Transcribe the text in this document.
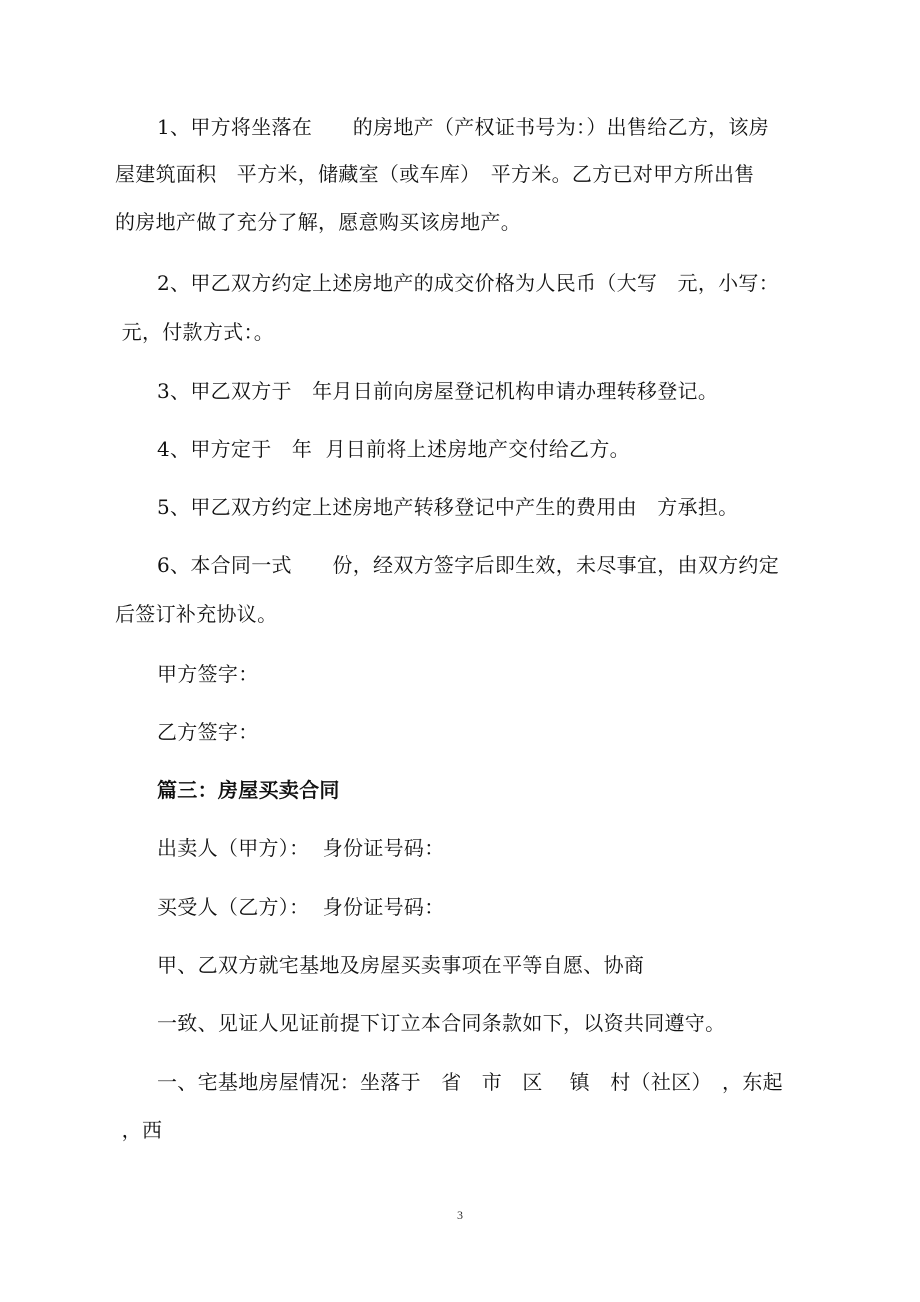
1、甲方将坐落在　　的房地产（产权证书号为：）出售给乙方，该房
屋建筑面积　平方米，储藏室（或车库）　平方米。乙方已对甲方所出售
的房地产做了充分了解，愿意购买该房地产。
2、甲乙双方约定上述房地产的成交价格为人民币（大写　元，小写：
元，付款方式：。
3、甲乙双方于　年月日前向房屋登记机构申请办理转移登记。
4、甲方定于　年  月日前将上述房地产交付给乙方。
5、甲乙双方约定上述房地产转移登记中产生的费用由　方承担。
6、本合同一式　　份，经双方签字后即生效，未尽事宜，由双方约定
后签订补充协议。
甲方签字：
乙方签字：
篇三：房屋买卖合同
出卖人（甲方）：  身份证号码：
买受人（乙方）：  身份证号码：
甲、乙双方就宅基地及房屋买卖事项在平等自愿、协商
一致、见证人见证前提下订立本合同条款如下，以资共同遵守。
一、宅基地房屋情况：坐落于　省　市　区　 镇　村（社区）　，东起
，西
3
